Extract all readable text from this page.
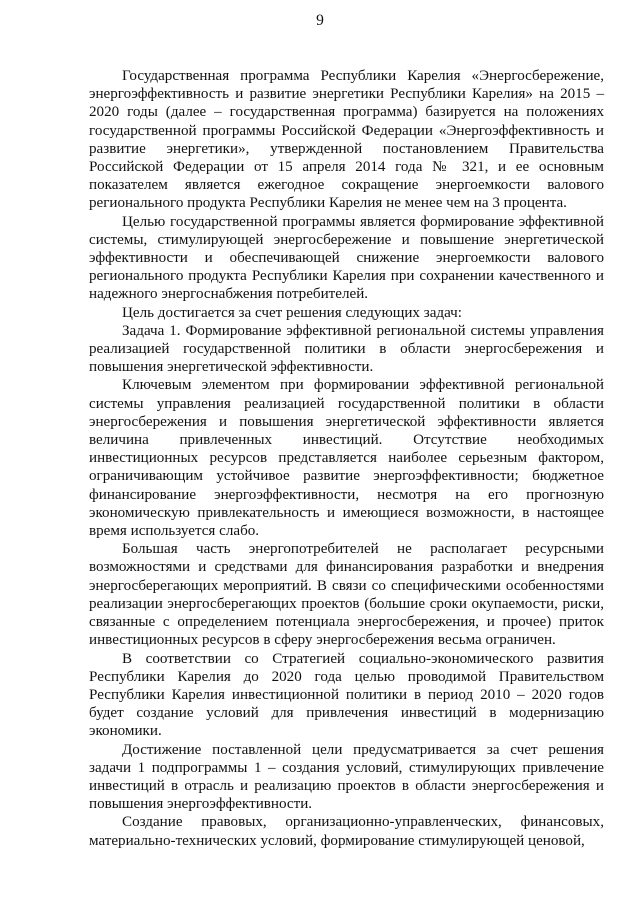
9

Государственная программа Республики Карелия «Энергосбережение, энергоэффективность и развитие энергетики Республики Карелия» на 2015 – 2020 годы (далее – государственная программа) базируется на положениях государственной программы Российской Федерации «Энергоэффективность и развитие энергетики», утвержденной постановлением Правительства Российской Федерации от 15 апреля 2014 года № 321, и ее основным показателем является ежегодное сокращение энергоемкости валового регионального продукта Республики Карелия не менее чем на 3 процента.

Целью государственной программы является формирование эффективной системы, стимулирующей энергосбережение и повышение энергетической эффективности и обеспечивающей снижение энергоемкости валового регионального продукта Республики Карелия при сохранении качественного и надежного энергоснабжения потребителей.

Цель достигается за счет решения следующих задач:

Задача 1. Формирование эффективной региональной системы управления реализацией государственной политики в области энергосбережения и повышения энергетической эффективности.

Ключевым элементом при формировании эффективной региональной системы управления реализацией государственной политики в области энергосбережения и повышения энергетической эффективности является величина привлеченных инвестиций. Отсутствие необходимых инвестиционных ресурсов представляется наиболее серьезным фактором, ограничивающим устойчивое развитие энергоэффективности; бюджетное финансирование энергоэффективности, несмотря на его прогнозную экономическую привлекательность и имеющиеся возможности, в настоящее время используется слабо.

Большая часть энергопотребителей не располагает ресурсными возможностями и средствами для финансирования разработки и внедрения энергосберегающих мероприятий. В связи со специфическими особенностями реализации энергосберегающих проектов (большие сроки окупаемости, риски, связанные с определением потенциала энергосбережения, и прочее) приток инвестиционных ресурсов в сферу энергосбережения весьма ограничен.

В соответствии со Стратегией социально-экономического развития Республики Карелия до 2020 года целью проводимой Правительством Республики Карелия инвестиционной политики в период 2010 – 2020 годов будет создание условий для привлечения инвестиций в модернизацию экономики.

Достижение поставленной цели предусматривается за счет решения задачи 1 подпрограммы 1 – создания условий, стимулирующих привлечение инвестиций в отрасль и реализацию проектов в области энергосбережения и повышения энергоэффективности.

Создание правовых, организационно-управленческих, финансовых, материально-технических условий, формирование стимулирующей ценовой,
